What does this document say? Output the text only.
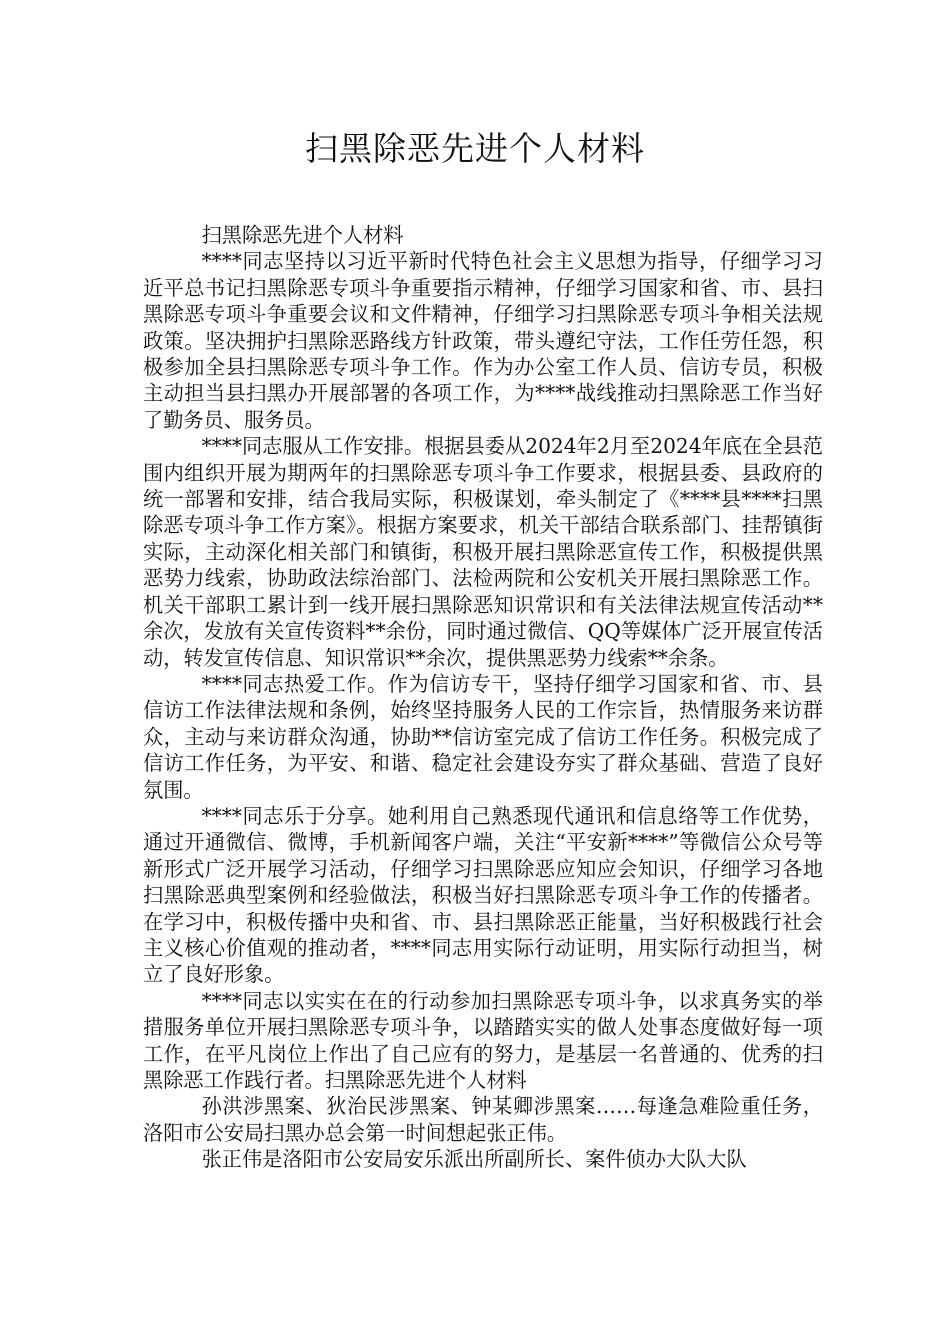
扫黑除恶先进个人材料

扫黑除恶先进个人材料

****同志坚持以习近平新时代特色社会主义思想为指导，仔细学习习近平总书记扫黑除恶专项斗争重要指示精神，仔细学习国家和省、市、县扫黑除恶专项斗争重要会议和文件精神，仔细学习扫黑除恶专项斗争相关法规政策。坚决拥护扫黑除恶路线方针政策，带头遵纪守法，工作任劳任怨，积极参加全县扫黑除恶专项斗争工作。作为办公室工作人员、信访专员，积极主动担当县扫黑办开展部署的各项工作，为****战线推动扫黑除恶工作当好了勤务员、服务员。

****同志服从工作安排。根据县委从2024年2月至2024年底在全县范围内组织开展为期两年的扫黑除恶专项斗争工作要求，根据县委、县政府的统一部署和安排，结合我局实际，积极谋划，牵头制定了《****县****扫黑除恶专项斗争工作方案》。根据方案要求，机关干部结合联系部门、挂帮镇街实际，主动深化相关部门和镇街，积极开展扫黑除恶宣传工作，积极提供黑恶势力线索，协助政法综治部门、法检两院和公安机关开展扫黑除恶工作。机关干部职工累计到一线开展扫黑除恶知识常识和有关法律法规宣传活动**余次，发放有关宣传资料**余份，同时通过微信、QQ等媒体广泛开展宣传活动，转发宣传信息、知识常识**余次，提供黑恶势力线索**余条。

****同志热爱工作。作为信访专干，坚持仔细学习国家和省、市、县信访工作法律法规和条例，始终坚持服务人民的工作宗旨，热情服务来访群众，主动与来访群众沟通，协助**信访室完成了信访工作任务。积极完成了信访工作任务，为平安、和谐、稳定社会建设夯实了群众基础、营造了良好氛围。

****同志乐于分享。她利用自己熟悉现代通讯和信息络等工作优势，通过开通微信、微博，手机新闻客户端，关注“平安新****”等微信公众号等新形式广泛开展学习活动，仔细学习扫黑除恶应知应会知识，仔细学习各地扫黑除恶典型案例和经验做法，积极当好扫黑除恶专项斗争工作的传播者。在学习中，积极传播中央和省、市、县扫黑除恶正能量，当好积极践行社会主义核心价值观的推动者，****同志用实际行动证明，用实际行动担当，树立了良好形象。

****同志以实实在在的行动参加扫黑除恶专项斗争，以求真务实的举措服务单位开展扫黑除恶专项斗争，以踏踏实实的做人处事态度做好每一项工作，在平凡岗位上作出了自己应有的努力，是基层一名普通的、优秀的扫黑除恶工作践行者。扫黑除恶先进个人材料

孙洪涉黑案、狄治民涉黑案、钟某卿涉黑案……每逢急难险重任务，洛阳市公安局扫黑办总会第一时间想起张正伟。

张正伟是洛阳市公安局安乐派出所副所长、案件侦办大队大队
